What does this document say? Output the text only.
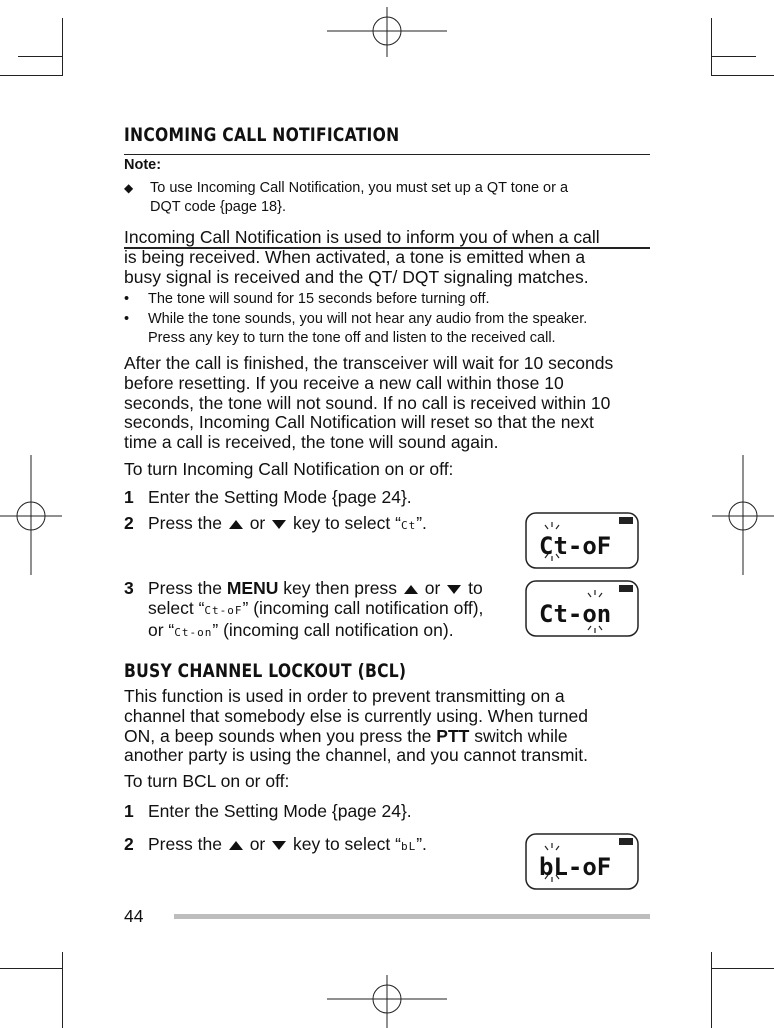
INCOMING CALL NOTIFICATION
Note:
◆ To use Incoming Call Notification, you must set up a QT tone or a
DQT code {page 18}.
Incoming Call Notification is used to inform you of when a call
is being received. When activated, a tone is emitted when a
busy signal is received and the QT/ DQT signaling matches.
• The tone will sound for 15 seconds before turning off.
• While the tone sounds, you will not hear any audio from the speaker.
Press any key to turn the tone off and listen to the received call.
After the call is finished, the transceiver will wait for 10 seconds
before resetting. If you receive a new call within those 10
seconds, the tone will not sound. If no call is received within 10
seconds, Incoming Call Notification will reset so that the next
time a call is received, the tone will sound again.
To turn Incoming Call Notification on or off:
1 Enter the Setting Mode {page 24}.
2 Press the or key to select “Ct”.
3 Press the MENU key then press or to
select “Ct-oF” (incoming call notification off),
or “Ct-on” (incoming call notification on).
Ct-oF
Ct-on
BUSY CHANNEL LOCKOUT (BCL)
This function is used in order to prevent transmitting on a
channel that somebody else is currently using. When turned
ON, a beep sounds when you press the PTT switch while
another party is using the channel, and you cannot transmit.
To turn BCL on or off:
1 Enter the Setting Mode {page 24}.
2 Press the or key to select “bL”.
bL-oF
44
